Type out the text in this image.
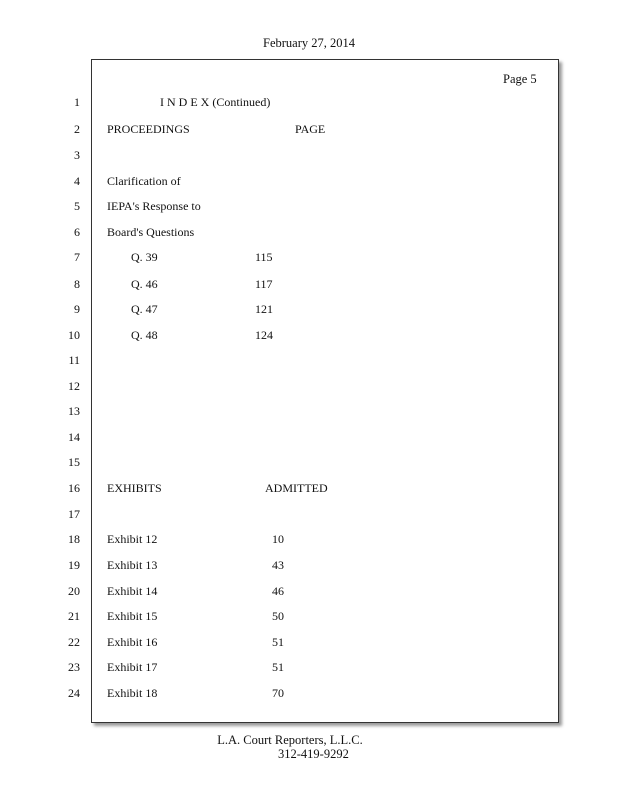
February 27, 2014
Page 5
1
2
3
4
5
6
7
8
9
10
11
12
13
14
15
16
17
18
19
20
21
22
23
24
I N D E X (Continued)
PROCEEDINGS	PAGE
Clarification of
IEPA's Response to
Board's Questions
Q. 39	115
Q. 46	117
Q. 47	121
Q. 48	124
EXHIBITS	ADMITTED
Exhibit 12	10
Exhibit 13	43
Exhibit 14	46
Exhibit 15	50
Exhibit 16	51
Exhibit 17	51
Exhibit 18	70
L.A. Court Reporters, L.L.C.
312-419-9292
